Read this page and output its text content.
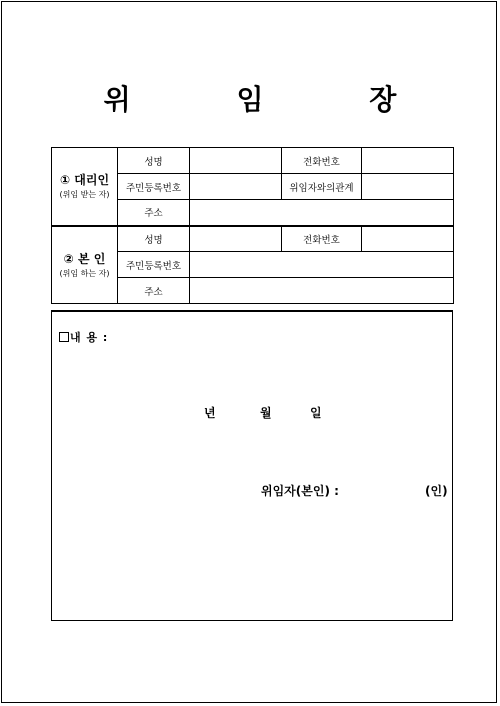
위 임 장
① 대리인
(위임 받는 자)	성명		전화번호	
	주민등록번호		위임자와의관계	
	주소			

② 본 인
(위임 하는 자)	성명		전화번호	
	주민등록번호			
	주소			
내 용 :
년	월	일
위임자(본인) :	(인)
